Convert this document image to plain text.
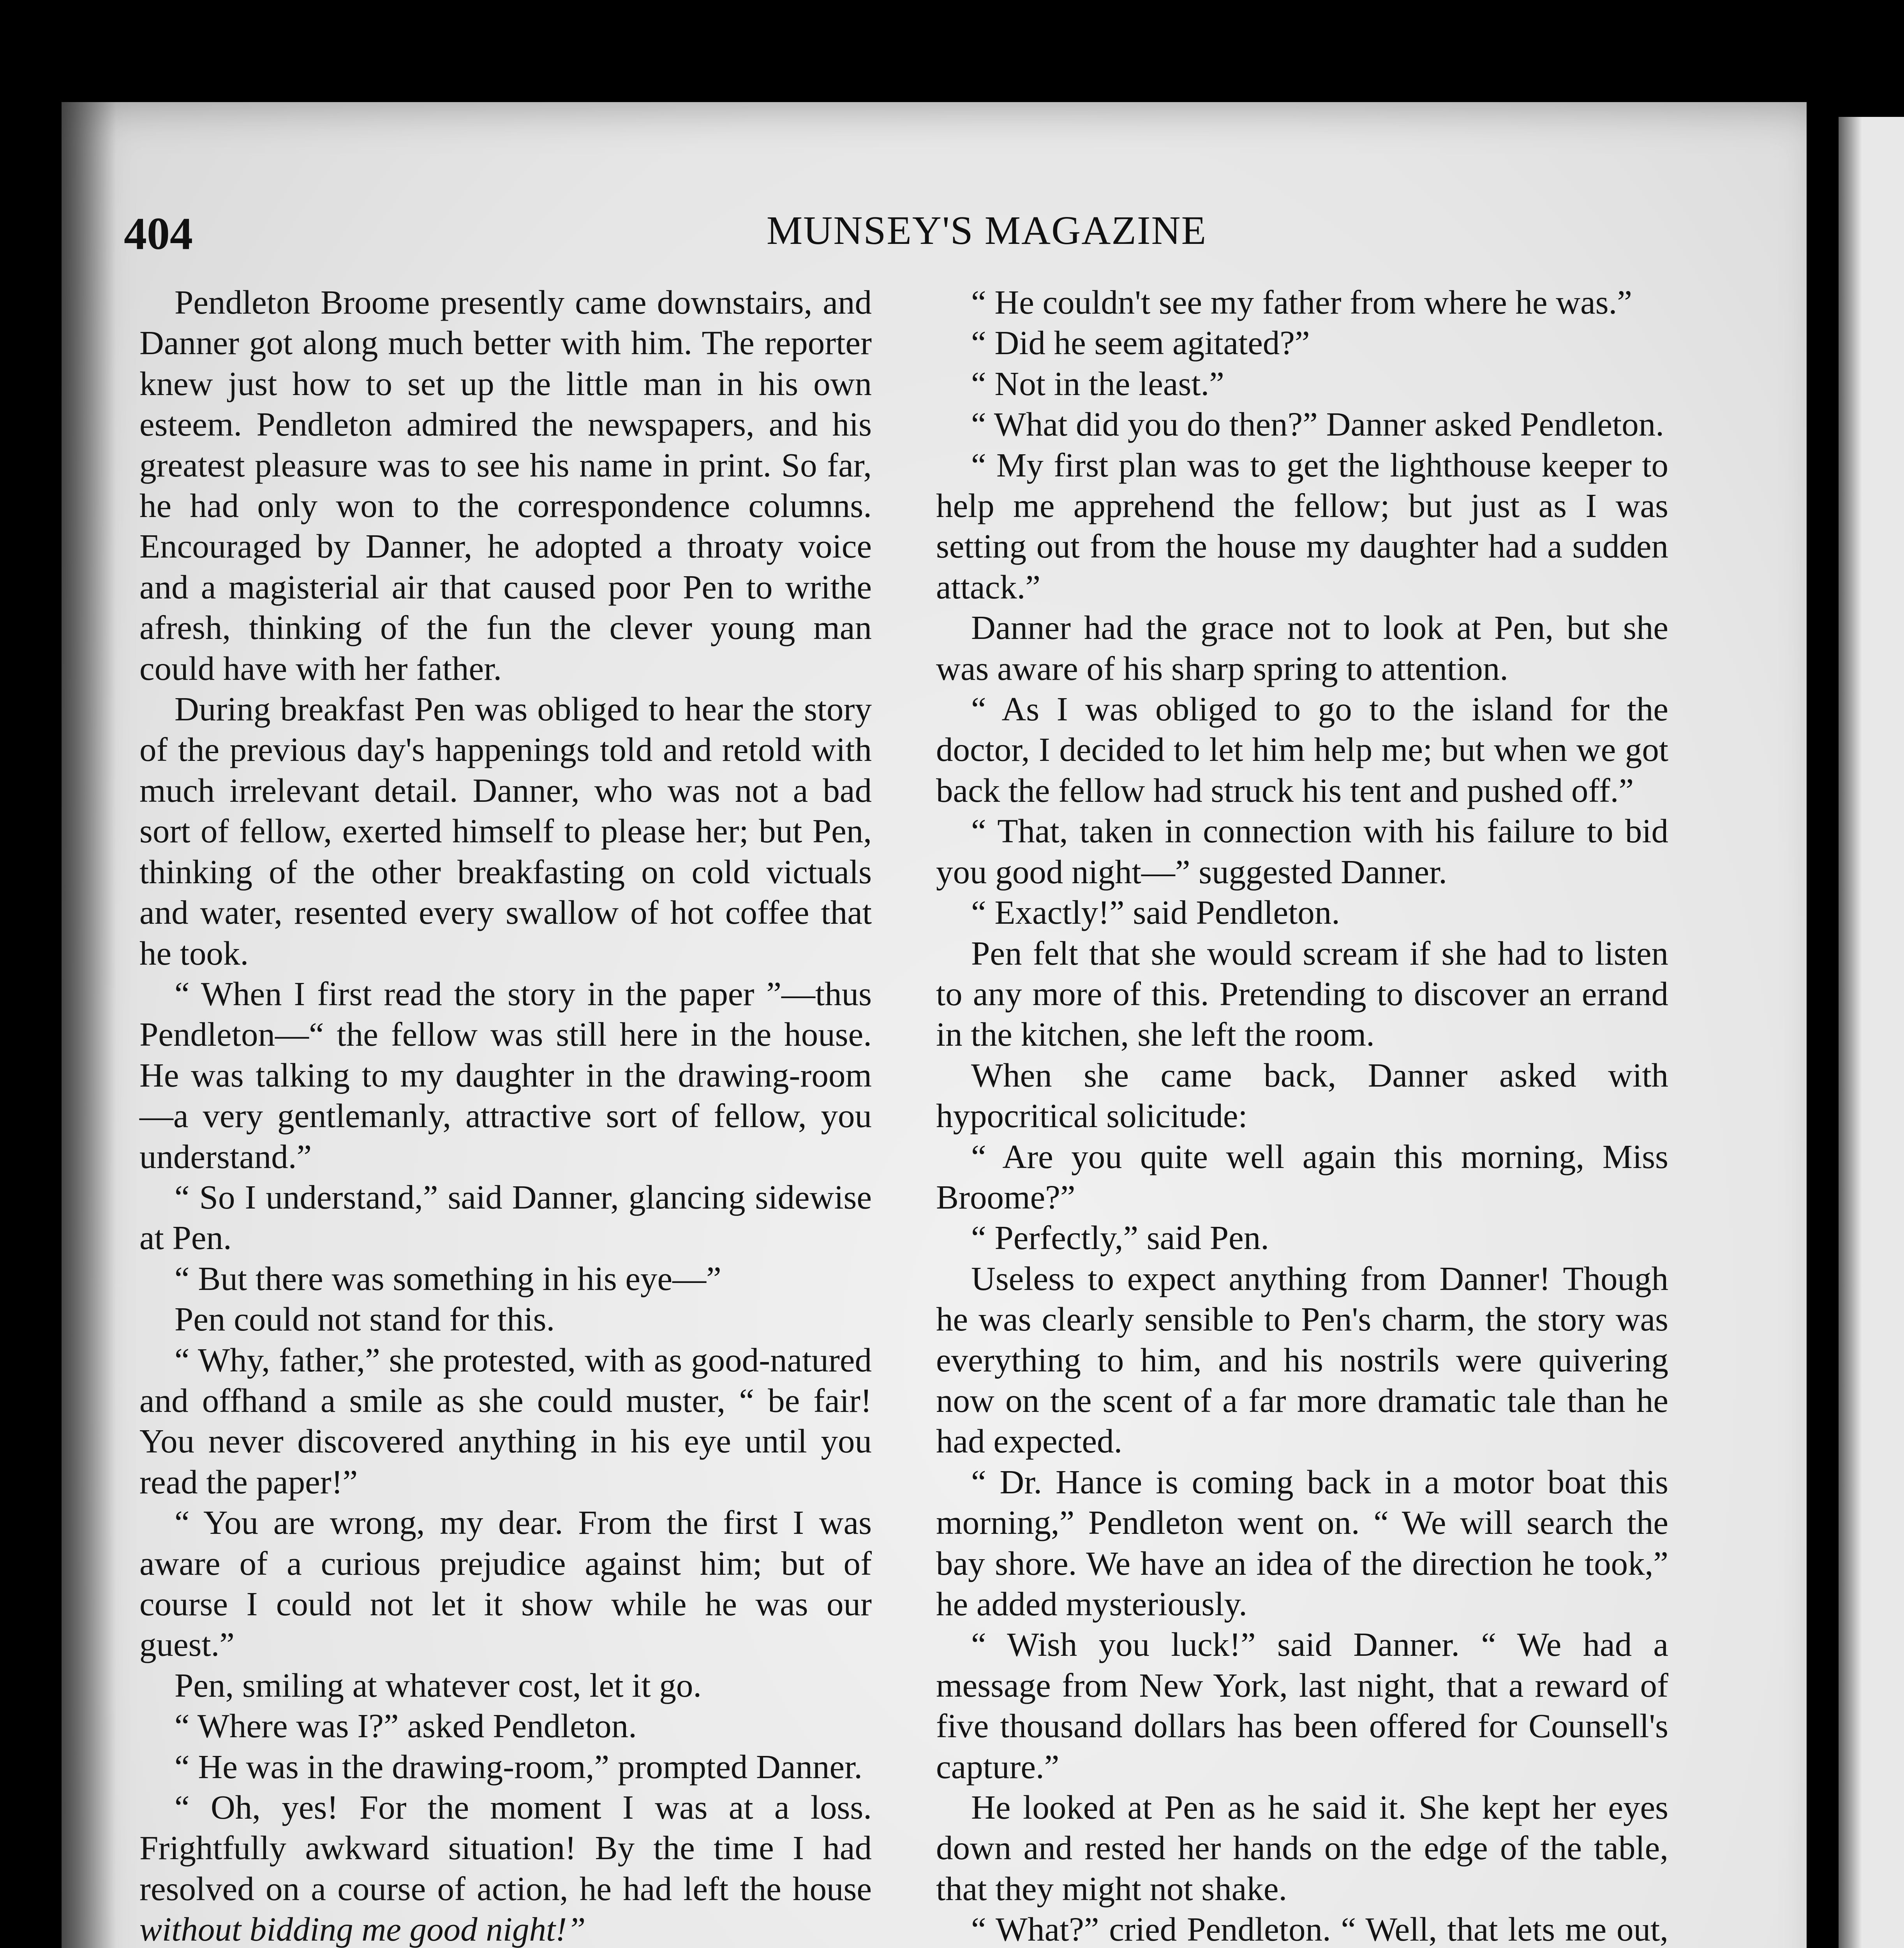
404	MUNSEY'S MAGAZINE

Pendleton Broome presently came downstairs, and Danner got along much better with him. The reporter knew just how to set up the little man in his own esteem. Pendleton admired the newspapers, and his greatest pleasure was to see his name in print. So far, he had only won to the correspondence columns. Encouraged by Danner, he adopted a throaty voice and a magisterial air that caused poor Pen to writhe afresh, thinking of the fun the clever young man could have with her father.

During breakfast Pen was obliged to hear the story of the previous day's happenings told and retold with much irrelevant detail. Danner, who was not a bad sort of fellow, exerted himself to please her; but Pen, thinking of the other breakfasting on cold victuals and water, resented every swallow of hot coffee that he took.

“ When I first read the story in the paper ”—thus Pendleton—“ the fellow was still here in the house. He was talking to my daughter in the drawing-room—a very gentlemanly, attractive sort of fellow, you understand.”

“ So I understand,” said Danner, glancing sidewise at Pen.

“ But there was something in his eye—”

Pen could not stand for this.

“ Why, father,” she protested, with as good-natured and offhand a smile as she could muster, “ be fair! You never discovered anything in his eye until you read the paper!”

“ You are wrong, my dear. From the first I was aware of a curious prejudice against him; but of course I could not let it show while he was our guest.”

Pen, smiling at whatever cost, let it go.

“ Where was I?” asked Pendleton.

“ He was in the drawing-room,” prompted Danner.

“ Oh, yes! For the moment I was at a loss. Frightfully awkward situation! By the time I had resolved on a course of action, he had left the house without bidding me good night!”

“ He couldn't see my father from where he was.”

“ Did he seem agitated?”

“ Not in the least.”

“ What did you do then?” Danner asked Pendleton.

“ My first plan was to get the lighthouse keeper to help me apprehend the fellow; but just as I was setting out from the house my daughter had a sudden attack.”

Danner had the grace not to look at Pen, but she was aware of his sharp spring to attention.

“ As I was obliged to go to the island for the doctor, I decided to let him help me; but when we got back the fellow had struck his tent and pushed off.”

“ That, taken in connection with his failure to bid you good night—” suggested Danner.

“ Exactly!” said Pendleton.

Pen felt that she would scream if she had to listen to any more of this. Pretending to discover an errand in the kitchen, she left the room.

When she came back, Danner asked with hypocritical solicitude:

“ Are you quite well again this morning, Miss Broome?”

“ Perfectly,” said Pen.

Useless to expect anything from Danner! Though he was clearly sensible to Pen's charm, the story was everything to him, and his nostrils were quivering now on the scent of a far more dramatic tale than he had expected.

“ Dr. Hance is coming back in a motor boat this morning,” Pendleton went on. “ We will search the bay shore. We have an idea of the direction he took,” he added mysteriously.

“ Wish you luck!” said Danner. “ We had a message from New York, last night, that a reward of five thousand dollars has been offered for Counsell's capture.”

He looked at Pen as he said it. She kept her eyes down and rested her hands on the edge of the table, that they might not shake.

“ What?” cried Pendleton. “ Well, that lets me out,
